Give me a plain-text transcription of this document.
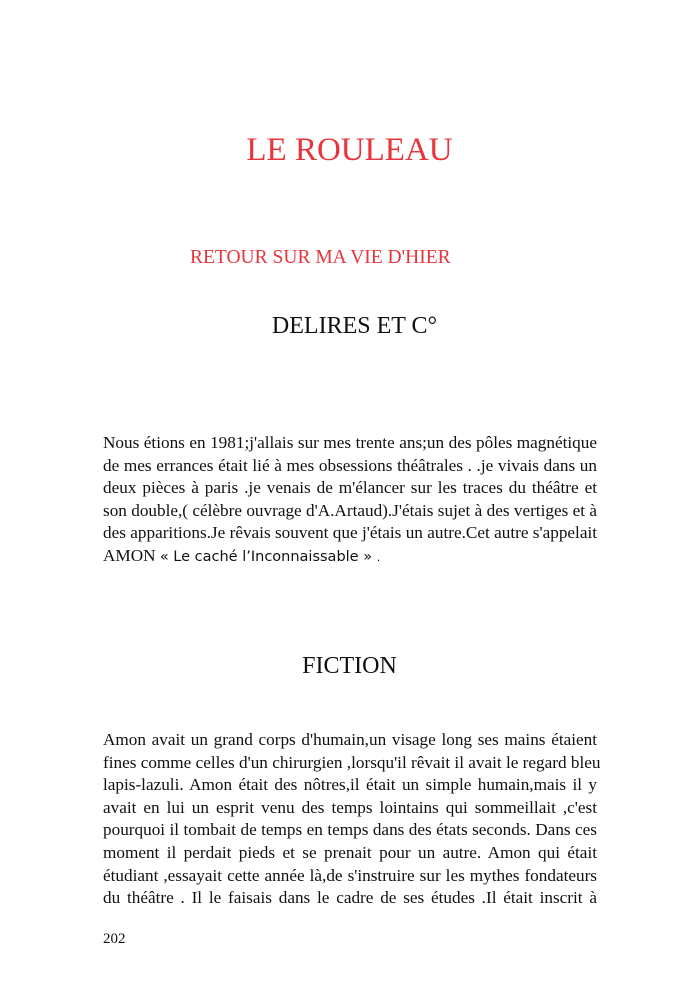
LE ROULEAU
RETOUR SUR MA VIE D'HIER
DELIRES ET C°
Nous étions en 1981;j'allais sur mes trente ans;un des pôles magnétique
de mes errances était lié à mes obsessions théâtrales . .je vivais dans un
deux pièces à paris .je venais de m'élancer sur les traces du théâtre et
son double,( célèbre ouvrage d'A.Artaud).J'étais sujet à des vertiges et à
des apparitions.Je rêvais souvent que j'étais un autre.Cet autre s'appelait
AMON « Le caché l’Inconnaissable » .
FICTION
Amon avait un grand corps d'humain,un visage long ses mains étaient
fines comme celles d'un chirurgien ,lorsqu'il rêvait il avait le regard bleu
lapis-lazuli. Amon était des nôtres,il était un simple humain,mais il y
avait en lui un esprit venu des temps lointains qui sommeillait ,c'est
pourquoi il tombait de temps en temps dans des états seconds. Dans ces
moment il perdait pieds et se prenait pour un autre. Amon qui était
étudiant ,essayait cette année là,de s'instruire sur les mythes fondateurs
du théâtre . Il le faisais dans le cadre de ses études .Il était inscrit à
202
